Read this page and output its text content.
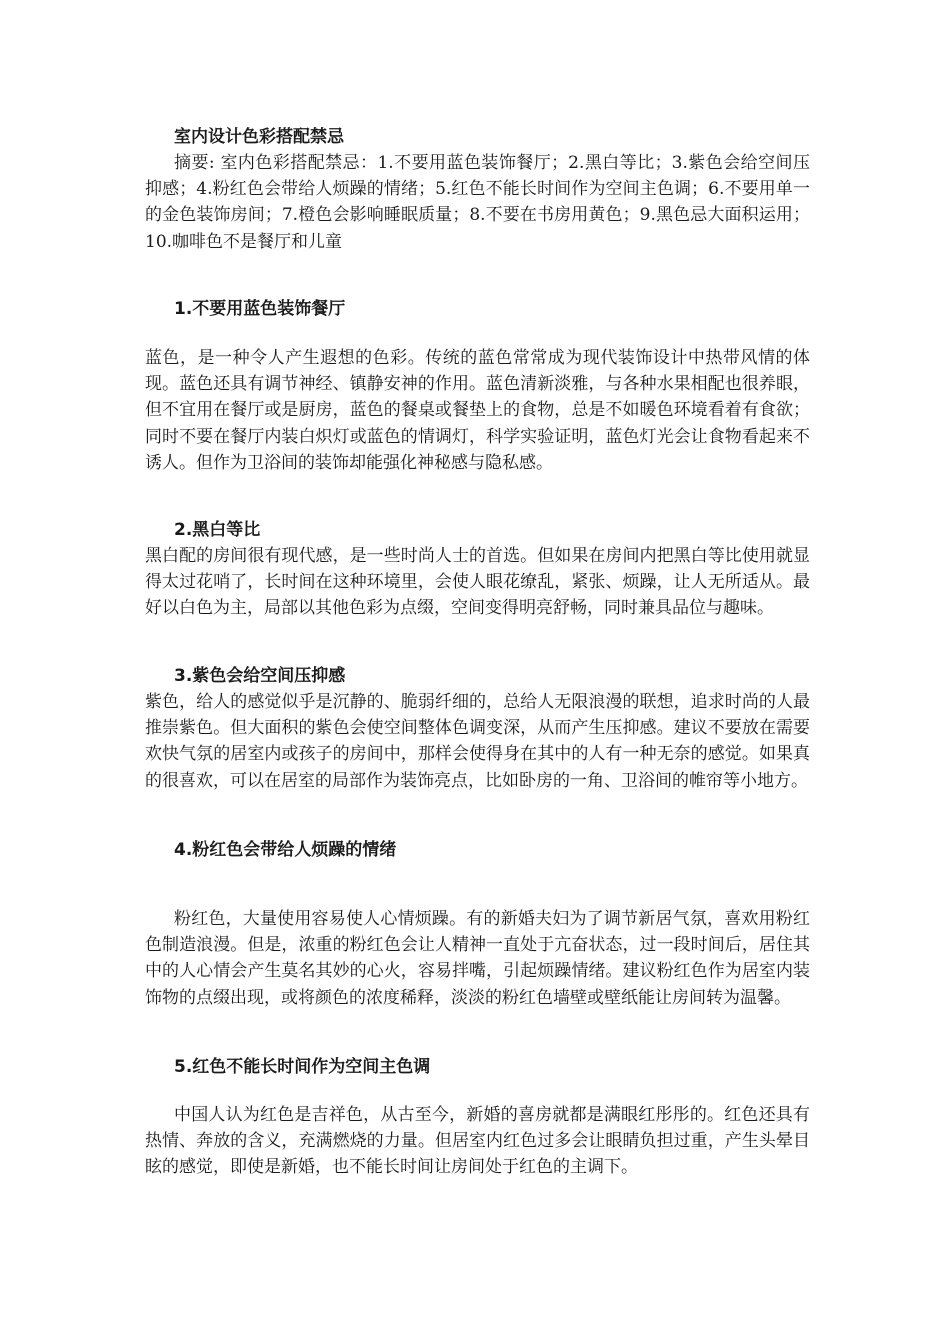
室内设计色彩搭配禁忌

摘要: 室内色彩搭配禁忌：1.不要用蓝色装饰餐厅；2.黑白等比；3.紫色会给空间压抑感；4.粉红色会带给人烦躁的情绪；5.红色不能长时间作为空间主色调；6.不要用单一的金色装饰房间；7.橙色会影响睡眠质量；8.不要在书房用黄色；9.黑色忌大面积运用；10.咖啡色不是餐厅和儿童

1.不要用蓝色装饰餐厅

蓝色，是一种令人产生遐想的色彩。传统的蓝色常常成为现代装饰设计中热带风情的体现。蓝色还具有调节神经、镇静安神的作用。蓝色清新淡雅，与各种水果相配也很养眼，但不宜用在餐厅或是厨房，蓝色的餐桌或餐垫上的食物，总是不如暖色环境看着有食欲；同时不要在餐厅内装白炽灯或蓝色的情调灯，科学实验证明，蓝色灯光会让食物看起来不诱人。但作为卫浴间的装饰却能强化神秘感与隐私感。

2.黑白等比

黑白配的房间很有现代感，是一些时尚人士的首选。但如果在房间内把黑白等比使用就显得太过花哨了，长时间在这种环境里，会使人眼花缭乱，紧张、烦躁，让人无所适从。最好以白色为主，局部以其他色彩为点缀，空间变得明亮舒畅，同时兼具品位与趣味。

3.紫色会给空间压抑感

紫色，给人的感觉似乎是沉静的、脆弱纤细的，总给人无限浪漫的联想，追求时尚的人最推崇紫色。但大面积的紫色会使空间整体色调变深，从而产生压抑感。建议不要放在需要欢快气氛的居室内或孩子的房间中，那样会使得身在其中的人有一种无奈的感觉。如果真的很喜欢，可以在居室的局部作为装饰亮点，比如卧房的一角、卫浴间的帷帘等小地方。

4.粉红色会带给人烦躁的情绪

粉红色，大量使用容易使人心情烦躁。有的新婚夫妇为了调节新居气氛，喜欢用粉红色制造浪漫。但是，浓重的粉红色会让人精神一直处于亢奋状态，过一段时间后，居住其中的人心情会产生莫名其妙的心火，容易拌嘴，引起烦躁情绪。建议粉红色作为居室内装饰物的点缀出现，或将颜色的浓度稀释，淡淡的粉红色墙壁或壁纸能让房间转为温馨。

5.红色不能长时间作为空间主色调

中国人认为红色是吉祥色，从古至今，新婚的喜房就都是满眼红彤彤的。红色还具有热情、奔放的含义，充满燃烧的力量。但居室内红色过多会让眼睛负担过重，产生头晕目眩的感觉，即使是新婚，也不能长时间让房间处于红色的主调下。
